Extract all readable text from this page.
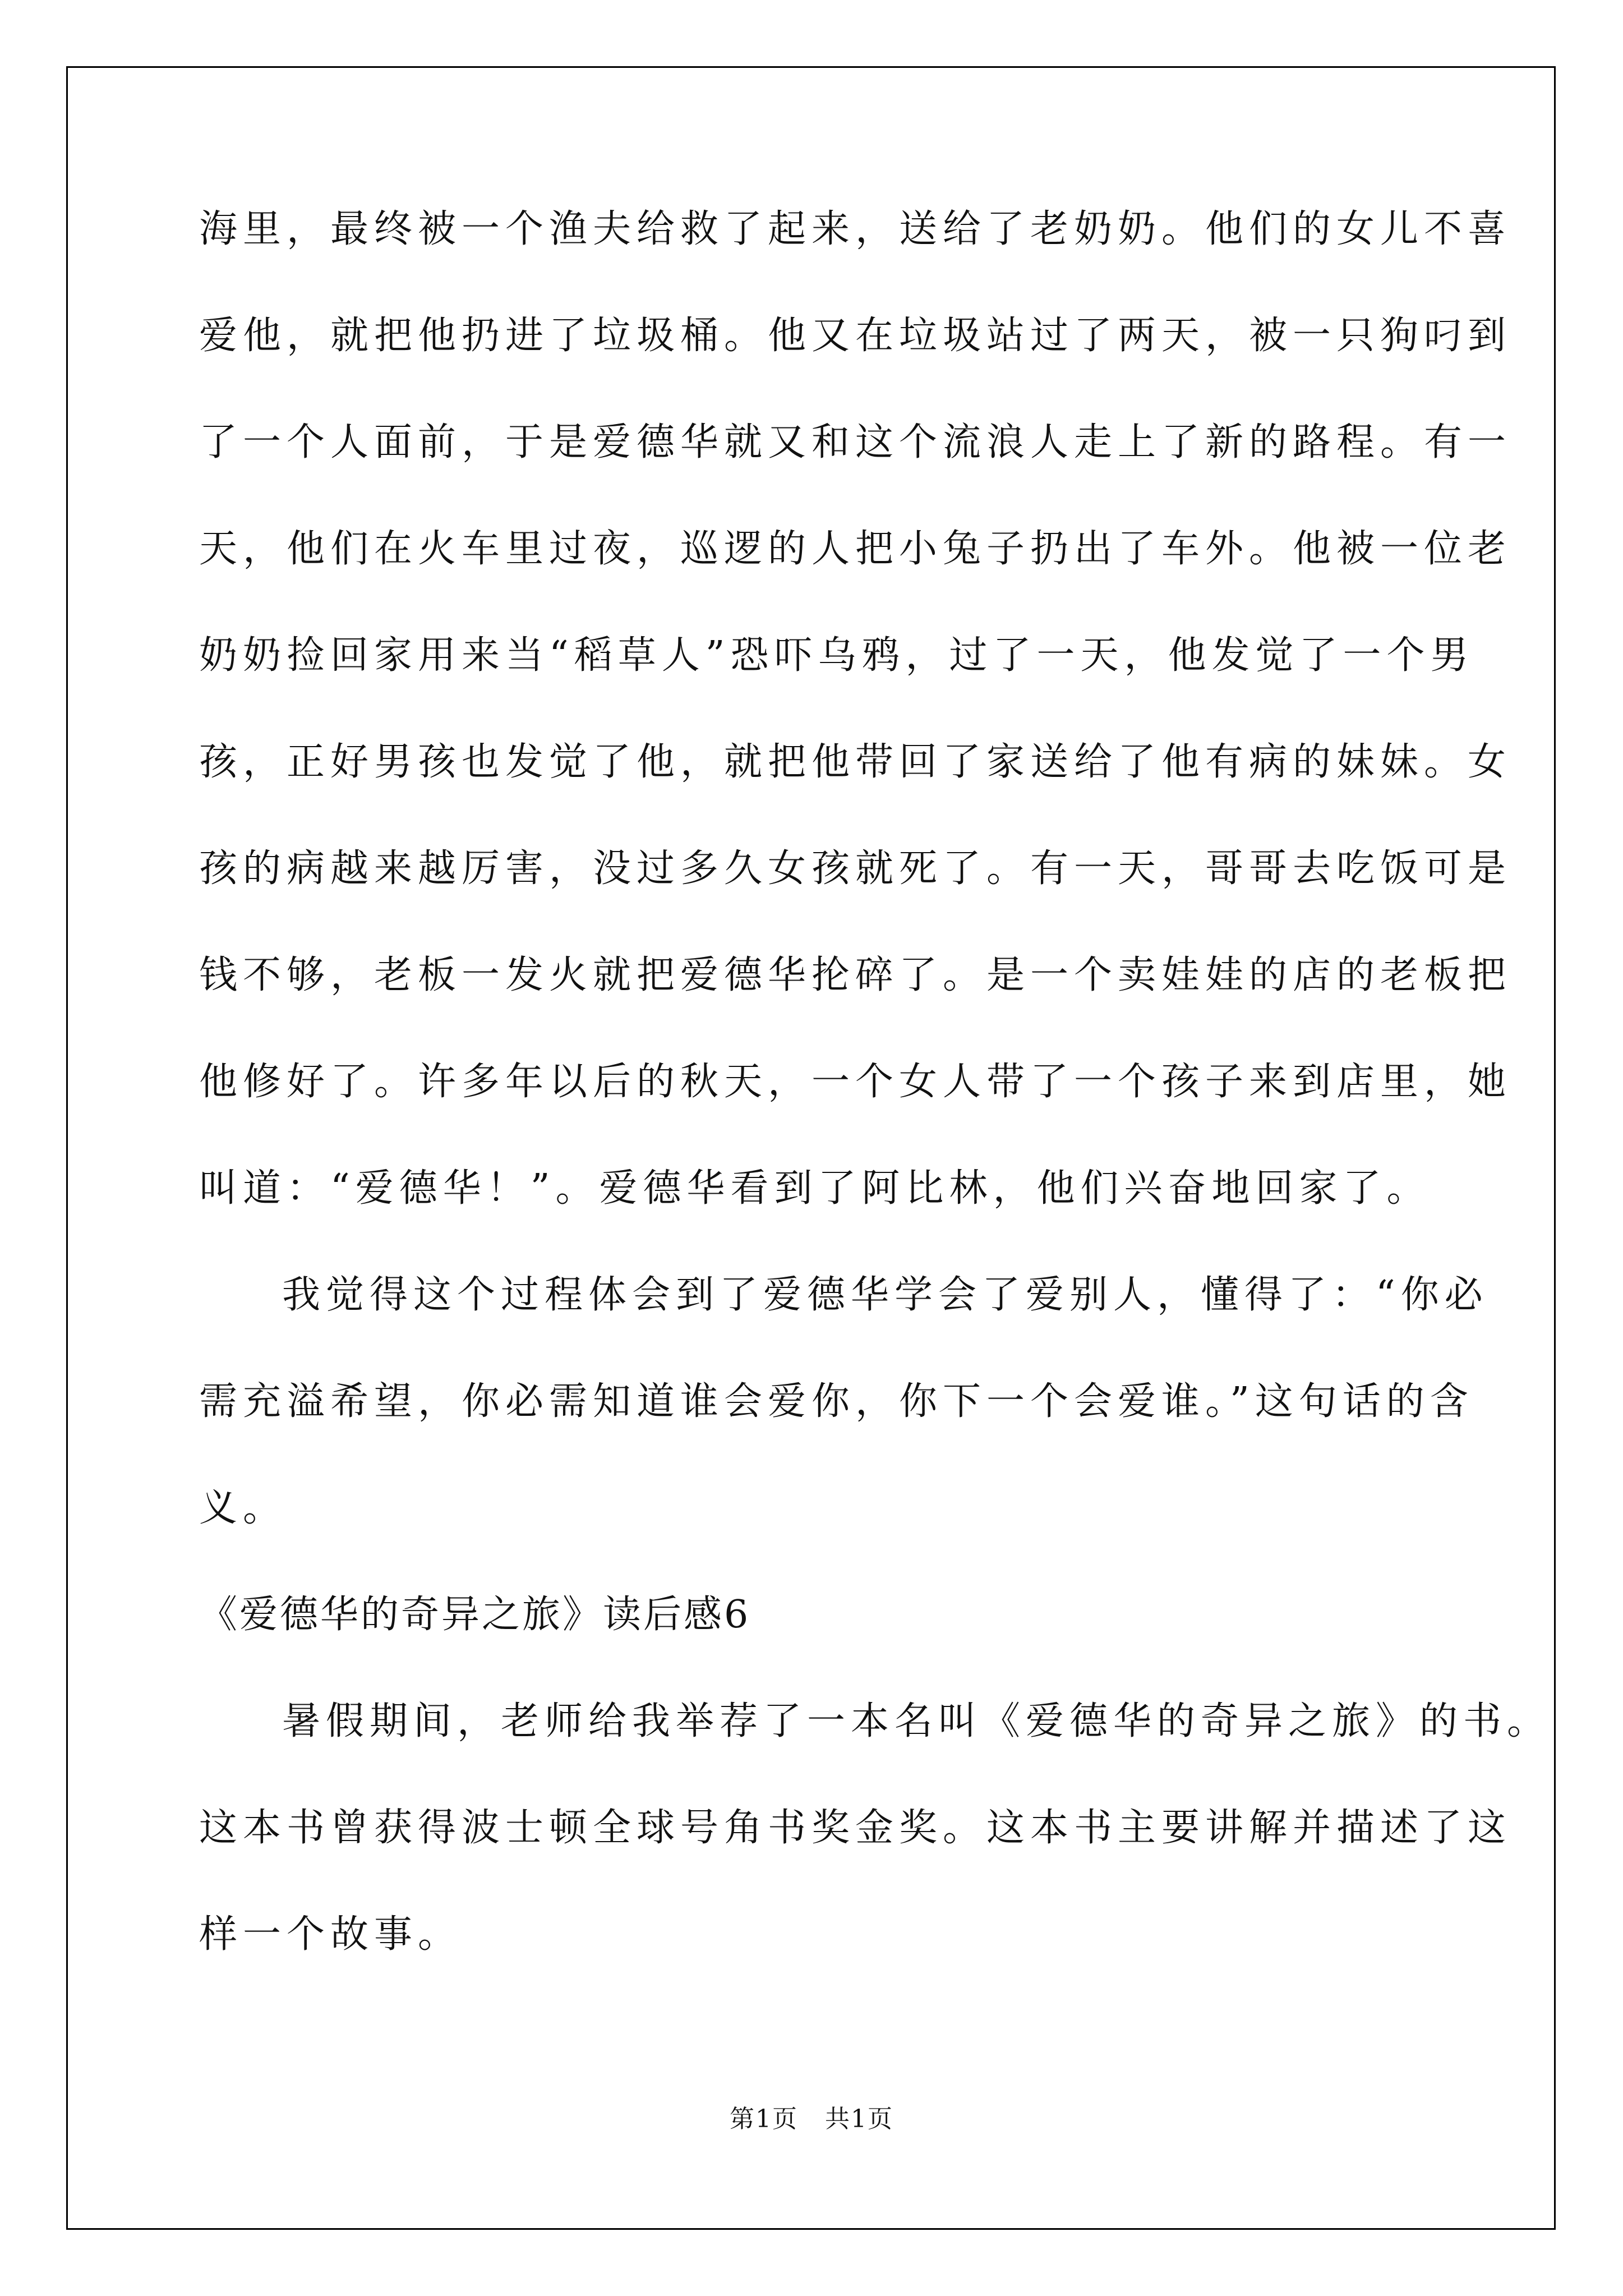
海里，最终被一个渔夫给救了起来，送给了老奶奶。他们的女儿不喜
爱他，就把他扔进了垃圾桶。他又在垃圾站过了两天，被一只狗叼到
了一个人面前，于是爱德华就又和这个流浪人走上了新的路程。有一
天，他们在火车里过夜，巡逻的人把小兔子扔出了车外。他被一位老
奶奶捡回家用来当“稻草人”恐吓乌鸦，过了一天，他发觉了一个男
孩，正好男孩也发觉了他，就把他带回了家送给了他有病的妹妹。女
孩的病越来越厉害，没过多久女孩就死了。有一天，哥哥去吃饭可是
钱不够，老板一发火就把爱德华抡碎了。是一个卖娃娃的店的老板把
他修好了。许多年以后的秋天，一个女人带了一个孩子来到店里，她
叫道：“爱德华！”。爱德华看到了阿比林，他们兴奋地回家了。
我觉得这个过程体会到了爱德华学会了爱别人，懂得了：“你必
需充溢希望，你必需知道谁会爱你，你下一个会爱谁。”这句话的含
义。
《爱德华的奇异之旅》读后感6
暑假期间，老师给我举荐了一本名叫《爱德华的奇异之旅》的书。
这本书曾获得波士顿全球号角书奖金奖。这本书主要讲解并描述了这
样一个故事。
第1页 共1页
